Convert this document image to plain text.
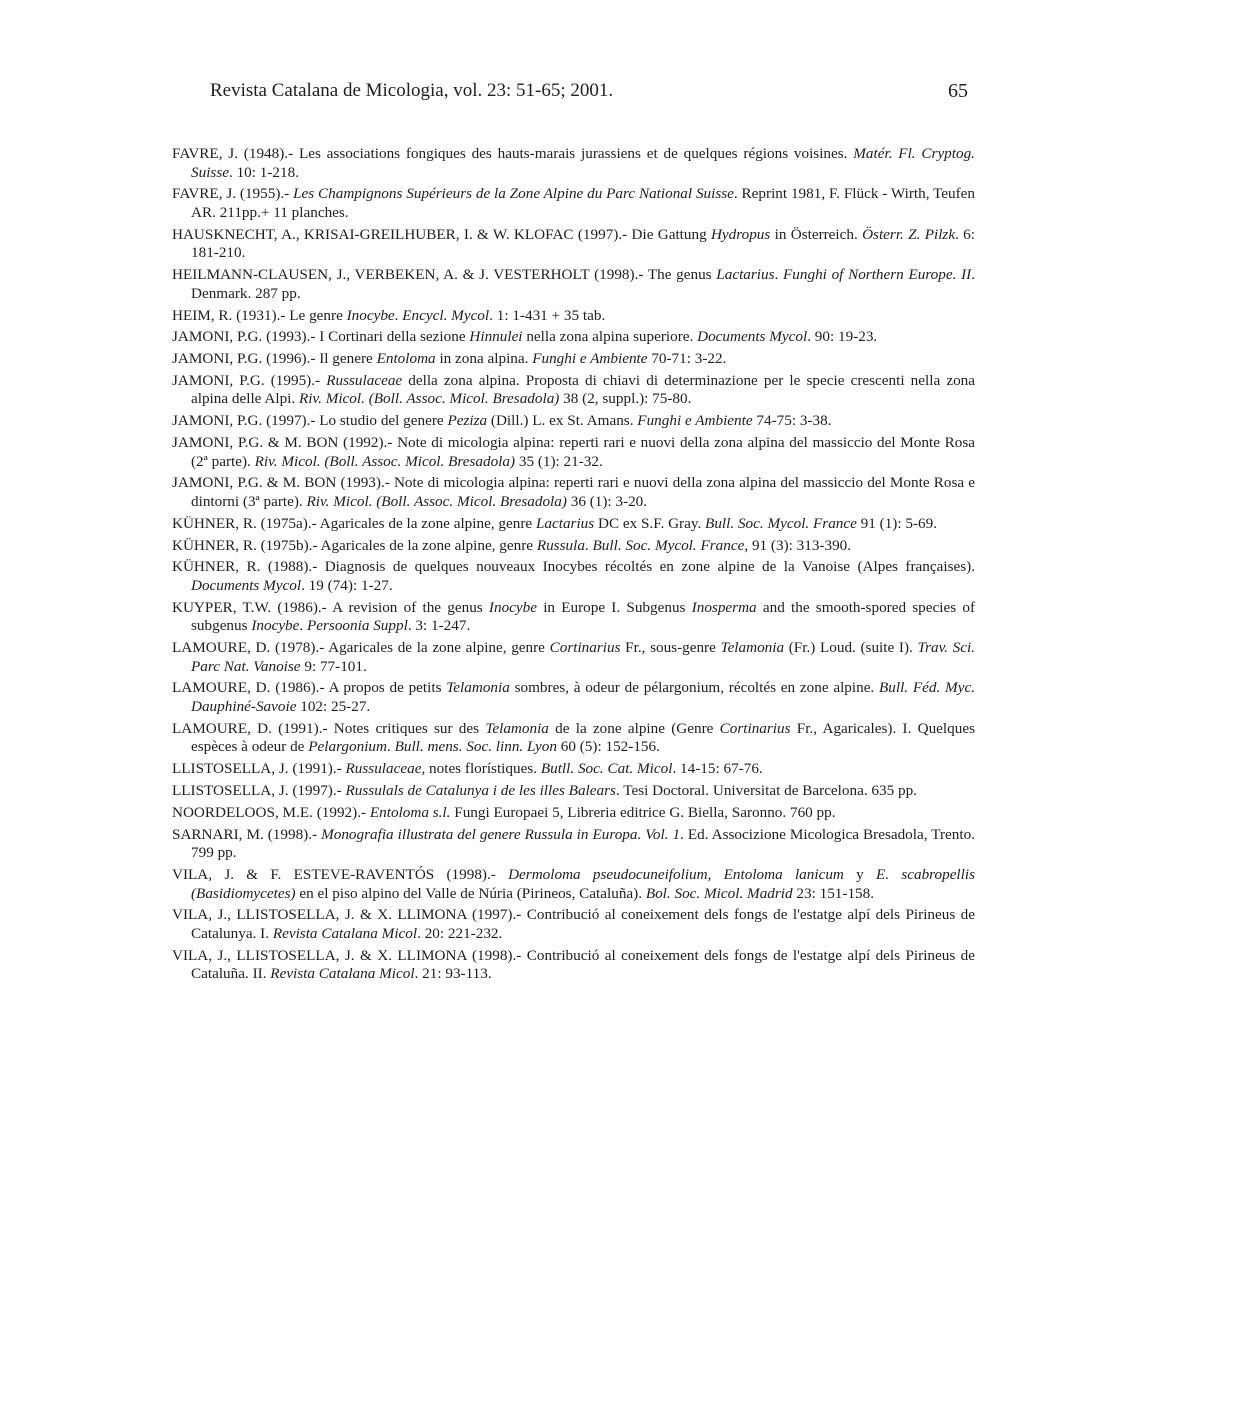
Revista Catalana de Micologia, vol. 23: 51-65; 2001.	65
FAVRE, J. (1948).- Les associations fongiques des hauts-marais jurassiens et de quelques régions voisines. Matér. Fl. Cryptog. Suisse. 10: 1-218.
FAVRE, J. (1955).- Les Champignons Supérieurs de la Zone Alpine du Parc National Suisse. Reprint 1981, F. Flück - Wirth, Teufen AR. 211pp.+ 11 planches.
HAUSKNECHT, A., KRISAI-GREILHUBER, I. & W. KLOFAC (1997).- Die Gattung Hydropus in Österreich. Österr. Z. Pilzk. 6: 181-210.
HEILMANN-CLAUSEN, J., VERBEKEN, A. & J. VESTERHOLT (1998).- The genus Lactarius. Funghi of Northern Europe. II. Denmark. 287 pp.
HEIM, R. (1931).- Le genre Inocybe. Encycl. Mycol. 1: 1-431 + 35 tab.
JAMONI, P.G. (1993).- I Cortinari della sezione Hinnulei nella zona alpina superiore. Documents Mycol. 90: 19-23.
JAMONI, P.G. (1996).- Il genere Entoloma in zona alpina. Funghi e Ambiente 70-71: 3-22.
JAMONI, P.G. (1995).- Russulaceae della zona alpina. Proposta di chiavi di determinazione per le specie crescenti nella zona alpina delle Alpi. Riv. Micol. (Boll. Assoc. Micol. Bresadola) 38 (2, suppl.): 75-80.
JAMONI, P.G. (1997).- Lo studio del genere Peziza (Dill.) L. ex St. Amans. Funghi e Ambiente 74-75: 3-38.
JAMONI, P.G. & M. BON (1992).- Note di micologia alpina: reperti rari e nuovi della zona alpina del massiccio del Monte Rosa (2ª parte). Riv. Micol. (Boll. Assoc. Micol. Bresadola) 35 (1): 21-32.
JAMONI, P.G. & M. BON (1993).- Note di micologia alpina: reperti rari e nuovi della zona alpina del massiccio del Monte Rosa e dintorni (3ª parte). Riv. Micol. (Boll. Assoc. Micol. Bresadola) 36 (1): 3-20.
KÜHNER, R. (1975a).- Agaricales de la zone alpine, genre Lactarius DC ex S.F. Gray. Bull. Soc. Mycol. France 91 (1): 5-69.
KÜHNER, R. (1975b).- Agaricales de la zone alpine, genre Russula. Bull. Soc. Mycol. France, 91 (3): 313-390.
KÜHNER, R. (1988).- Diagnosis de quelques nouveaux Inocybes récoltés en zone alpine de la Vanoise (Alpes françaises). Documents Mycol. 19 (74): 1-27.
KUYPER, T.W. (1986).- A revision of the genus Inocybe in Europe I. Subgenus Inosperma and the smooth-spored species of subgenus Inocybe. Persoonia Suppl. 3: 1-247.
LAMOURE, D. (1978).- Agaricales de la zone alpine, genre Cortinarius Fr., sous-genre Telamonia (Fr.) Loud. (suite I). Trav. Sci. Parc Nat. Vanoise 9: 77-101.
LAMOURE, D. (1986).- A propos de petits Telamonia sombres, à odeur de pélargonium, récoltés en zone alpine. Bull. Féd. Myc. Dauphiné-Savoie 102: 25-27.
LAMOURE, D. (1991).- Notes critiques sur des Telamonia de la zone alpine (Genre Cortinarius Fr., Agaricales). I. Quelques espèces à odeur de Pelargonium. Bull. mens. Soc. linn. Lyon 60 (5): 152-156.
LLISTOSELLA, J. (1991).- Russulaceae, notes florístiques. Butll. Soc. Cat. Micol. 14-15: 67-76.
LLISTOSELLA, J. (1997).- Russulals de Catalunya i de les illes Balears. Tesi Doctoral. Universitat de Barcelona. 635 pp.
NOORDELOOS, M.E. (1992).- Entoloma s.l. Fungi Europaei 5, Libreria editrice G. Biella, Saronno. 760 pp.
SARNARI, M. (1998).- Monografia illustrata del genere Russula in Europa. Vol. 1. Ed. Associzione Micologica Bresadola, Trento. 799 pp.
VILA, J. & F. ESTEVE-RAVENTÓS (1998).- Dermoloma pseudocuneifolium, Entoloma lanicum y E. scabropellis (Basidiomycetes) en el piso alpino del Valle de Núria (Pirineos, Cataluña). Bol. Soc. Micol. Madrid 23: 151-158.
VILA, J., LLISTOSELLA, J. & X. LLIMONA (1997).- Contribució al coneixement dels fongs de l'estatge alpí dels Pirineus de Catalunya. I. Revista Catalana Micol. 20: 221-232.
VILA, J., LLISTOSELLA, J. & X. LLIMONA (1998).- Contribució al coneixement dels fongs de l'estatge alpí dels Pirineus de Cataluña. II. Revista Catalana Micol. 21: 93-113.
